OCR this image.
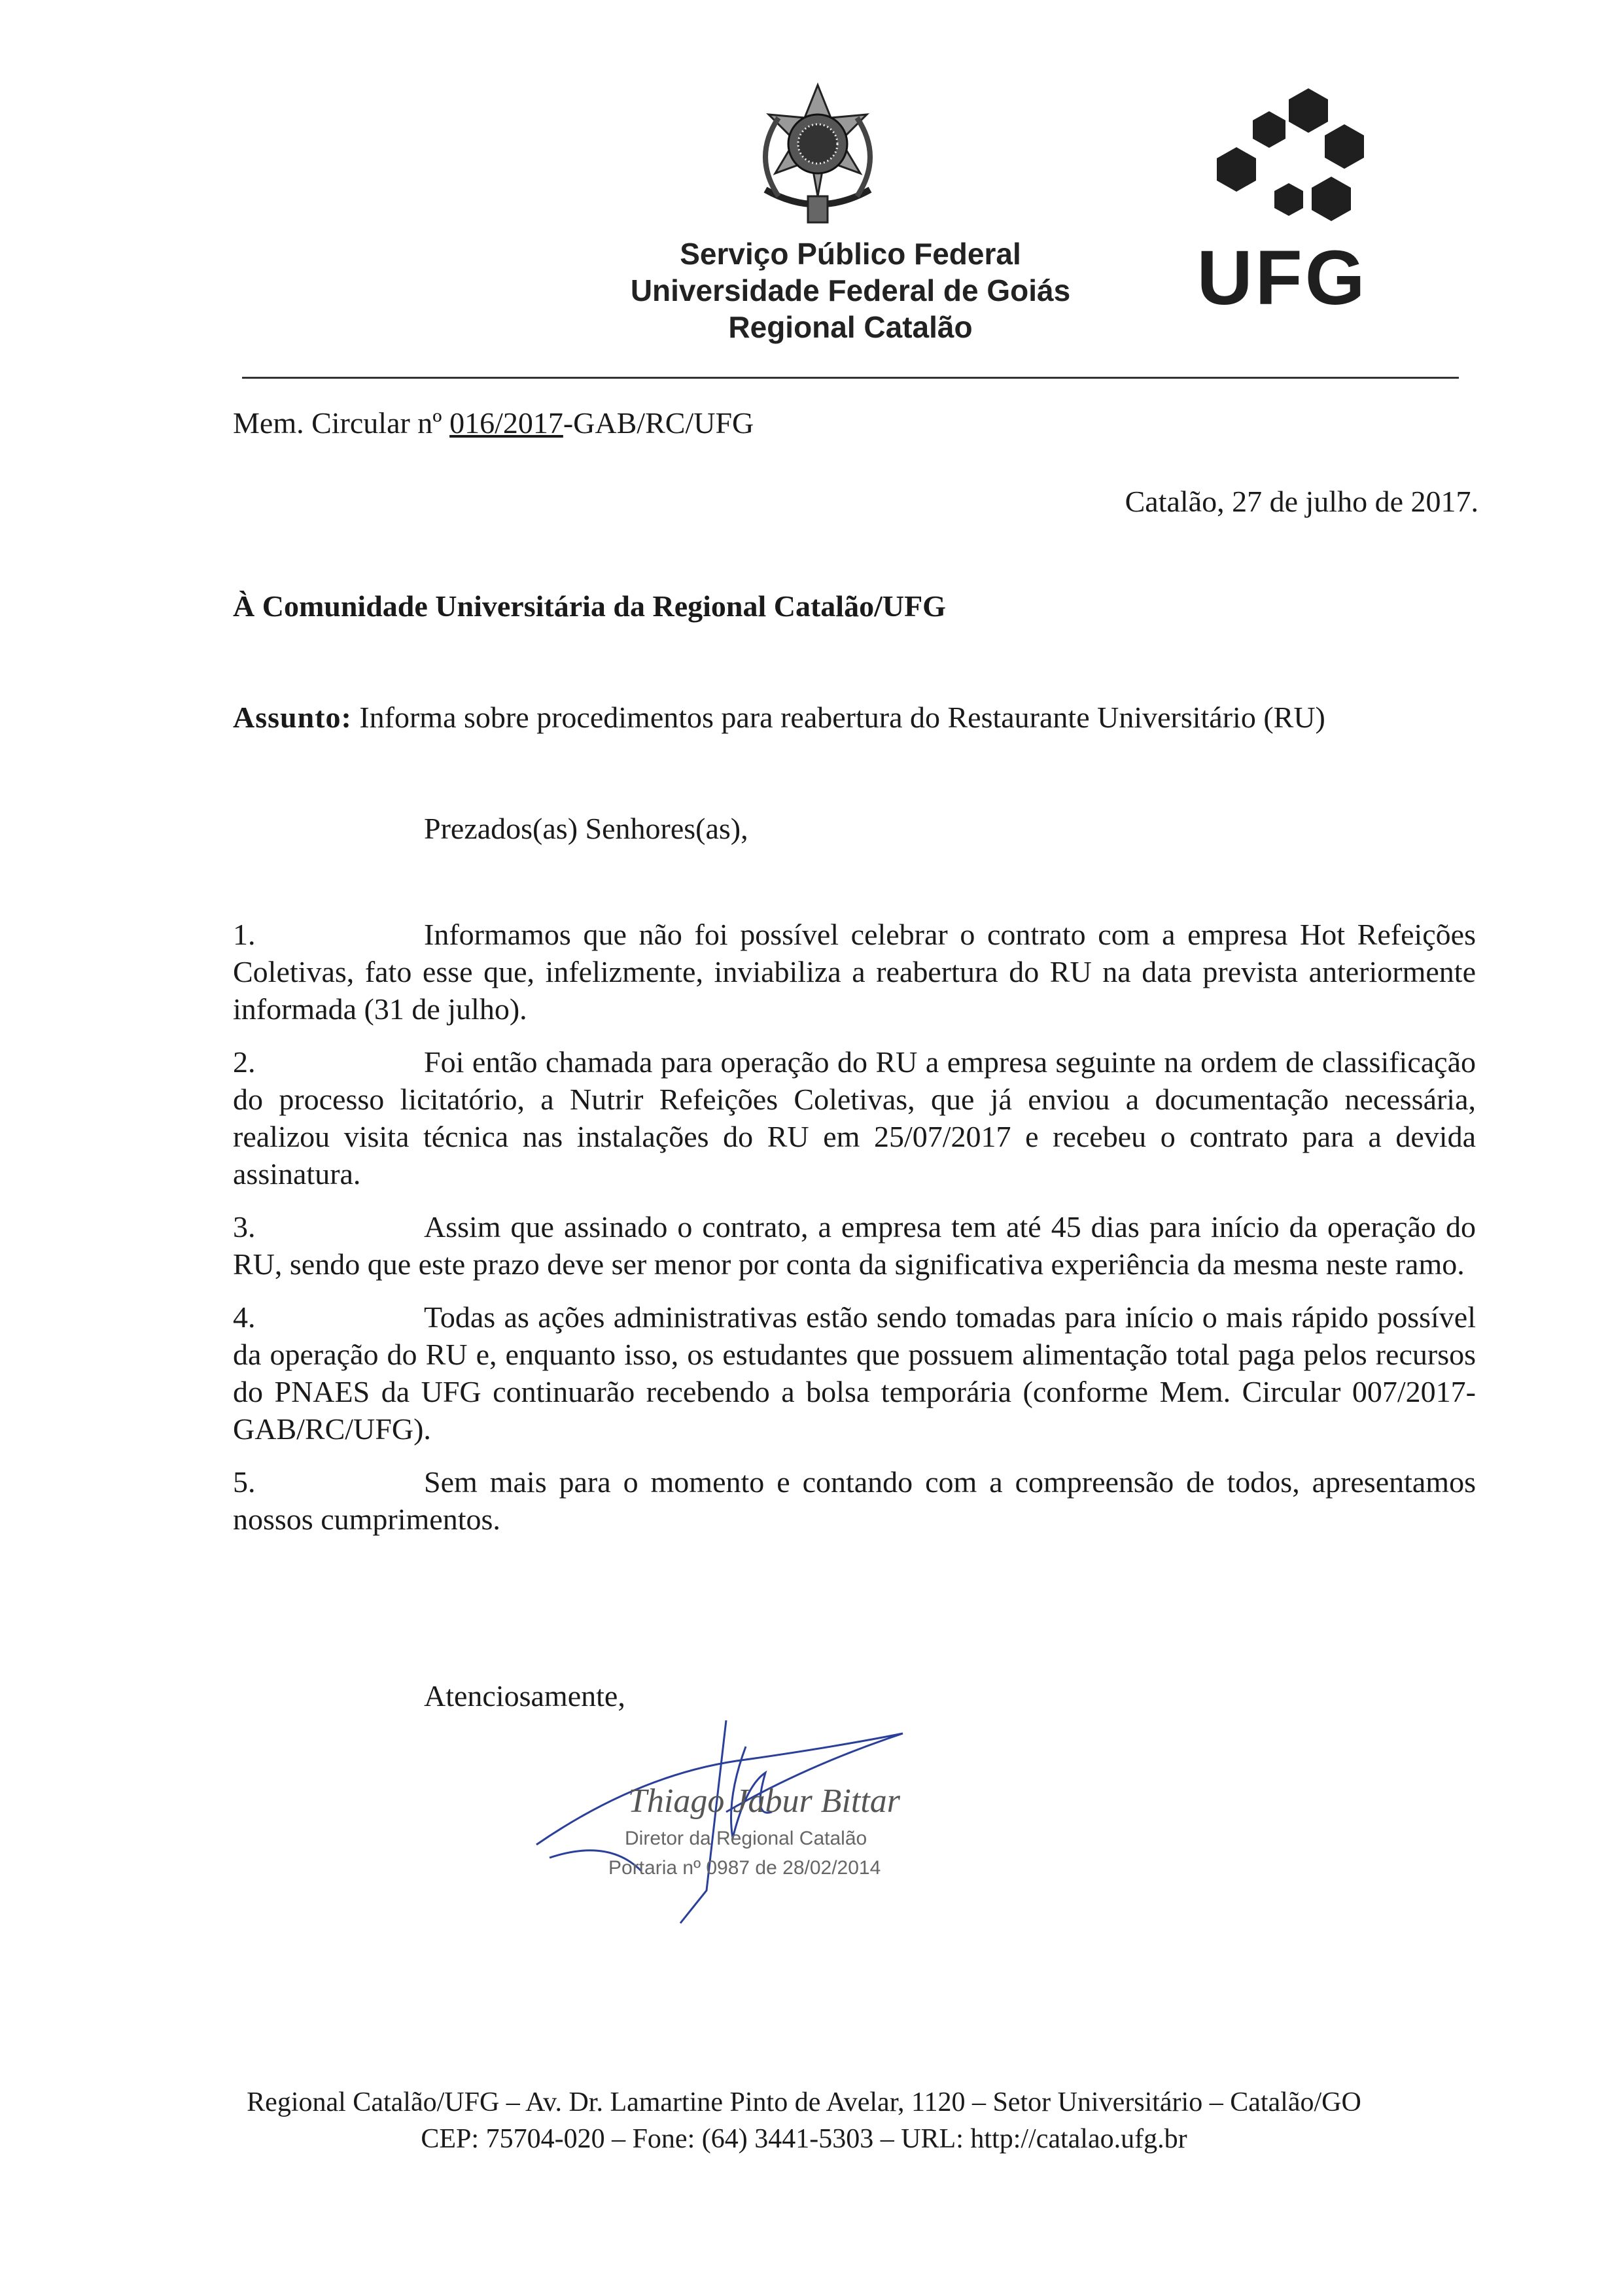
Serviço Público Federal
Universidade Federal de Goiás
Regional Catalão
UFG
Mem. Circular nº 016/2017-GAB/RC/UFG
Catalão, 27 de julho de 2017.
À Comunidade Universitária da Regional Catalão/UFG
Assunto: Informa sobre procedimentos para reabertura do Restaurante Universitário (RU)
Prezados(as) Senhores(as),

1.	Informamos que não foi possível celebrar o contrato com a empresa Hot Refeições Coletivas, fato esse que, infelizmente, inviabiliza a reabertura do RU na data prevista anteriormente informada (31 de julho).

2.	Foi então chamada para operação do RU a empresa seguinte na ordem de classificação do processo licitatório, a Nutrir Refeições Coletivas, que já enviou a documentação necessária, realizou visita técnica nas instalações do RU em 25/07/2017 e recebeu o contrato para a devida assinatura.

3.	Assim que assinado o contrato, a empresa tem até 45 dias para início da operação do RU, sendo que este prazo deve ser menor por conta da significativa experiência da mesma neste ramo.

4.	Todas as ações administrativas estão sendo tomadas para início o mais rápido possível da operação do RU e, enquanto isso, os estudantes que possuem alimentação total paga pelos recursos do PNAES da UFG continuarão recebendo a bolsa temporária (conforme Mem. Circular 007/2017-GAB/RC/UFG).

5.	Sem mais para o momento e contando com a compreensão de todos, apresentamos nossos cumprimentos.

Atenciosamente,
Thiago Jabur Bittar
Diretor da Regional Catalão
Portaria nº 0987 de 28/02/2014
Regional Catalão/UFG – Av. Dr. Lamartine Pinto de Avelar, 1120 – Setor Universitário – Catalão/GO
CEP: 75704-020 – Fone: (64) 3441-5303 – URL: http://catalao.ufg.br
